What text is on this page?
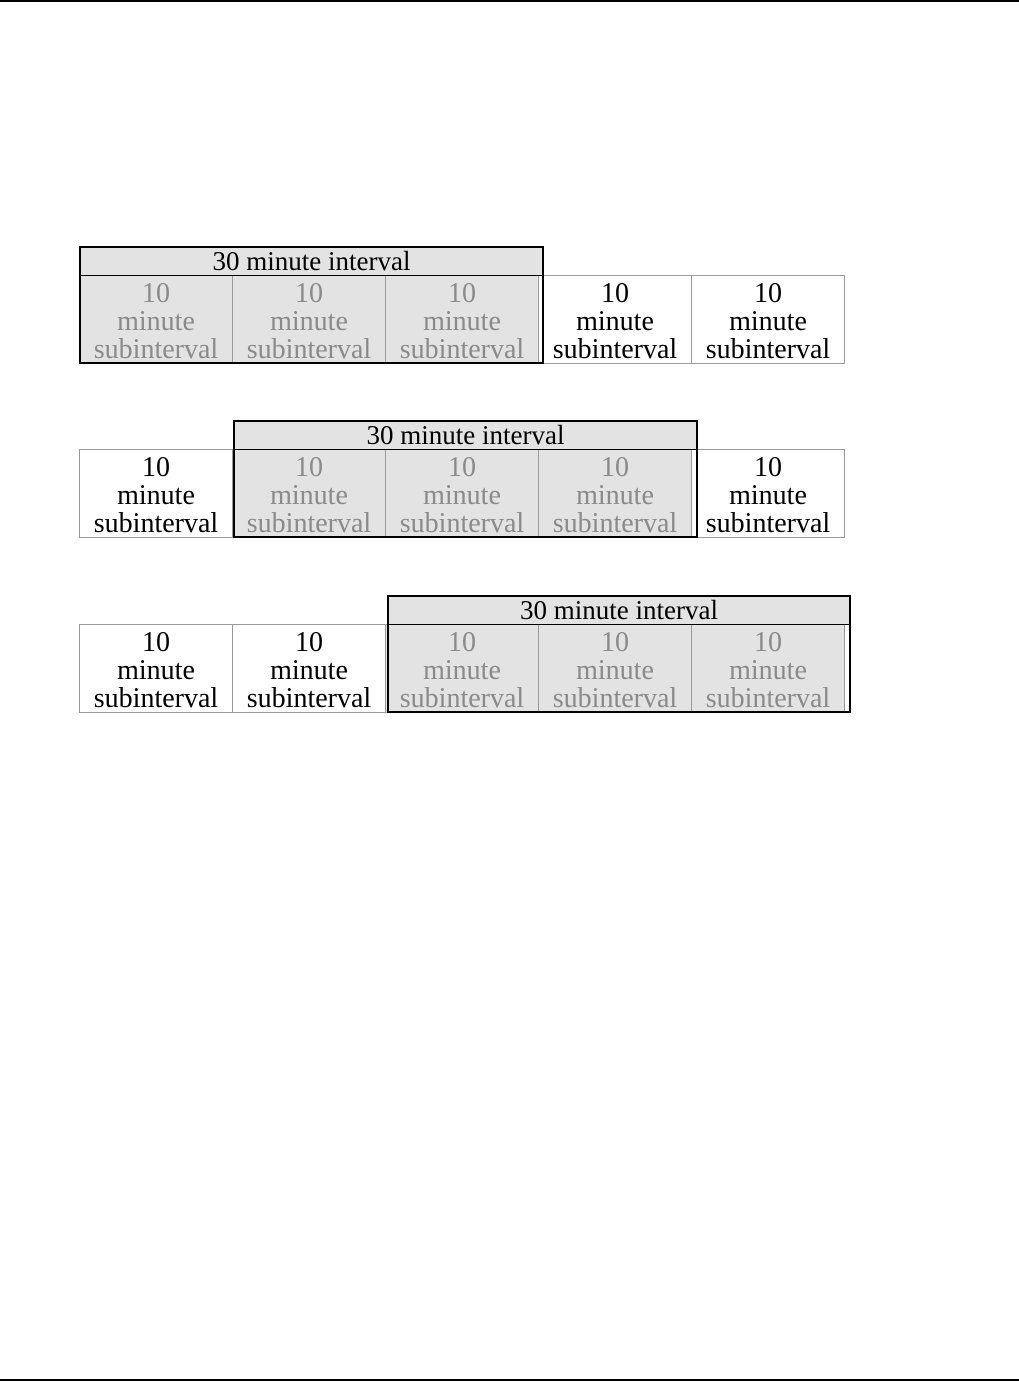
10
minute
subinterval
10
minute
subinterval
10
minute
subinterval
10
minute
subinterval
10
minute
subinterval
30 minute interval
10
minute
subinterval
10
minute
subinterval
10
minute
subinterval
10
minute
subinterval
10
minute
subinterval
30 minute interval
10
minute
subinterval
10
minute
subinterval
10
minute
subinterval
10
minute
subinterval
10
minute
subinterval
30 minute interval
